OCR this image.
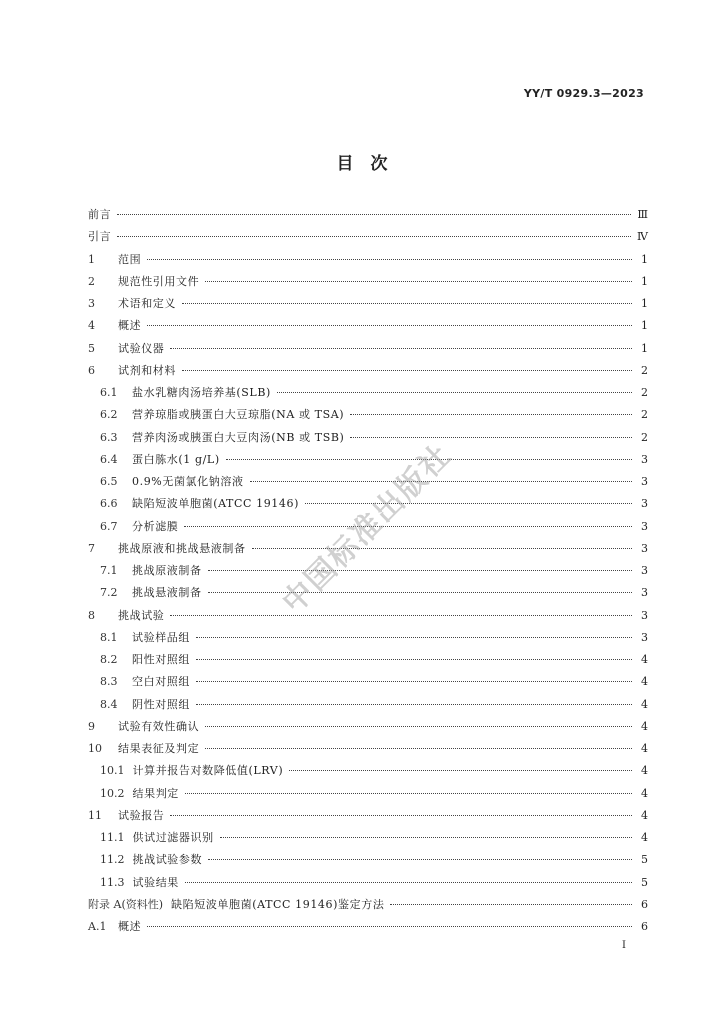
YY/T 0929.3—2023
目　次
前言	Ⅲ
引言	Ⅳ
1	范围	1
2	规范性引用文件	1
3	术语和定义	1
4	概述	1
5	试验仪器	1
6	试剂和材料	2
6.1	盐水乳糖肉汤培养基(SLB)	2
6.2	营养琼脂或胰蛋白大豆琼脂(NA 或 TSA)	2
6.3	营养肉汤或胰蛋白大豆肉汤(NB 或 TSB)	2
6.4	蛋白胨水(1 g/L)	3
6.5	0.9%无菌氯化钠溶液	3
6.6	缺陷短波单胞菌(ATCC 19146)	3
6.7	分析滤膜	3
7	挑战原液和挑战悬液制备	3
7.1	挑战原液制备	3
7.2	挑战悬液制备	3
8	挑战试验	3
8.1	试验样品组	3
8.2	阳性对照组	4
8.3	空白对照组	4
8.4	阴性对照组	4
9	试验有效性确认	4
10	结果表征及判定	4
10.1 计算并报告对数降低值(LRV)	4
10.2 结果判定	4
11	试验报告	4
11.1 供试过滤器识别	4
11.2 挑战试验参数	5
11.3 试验结果	5
附录 A(资料性) 缺陷短波单胞菌(ATCC 19146)鉴定方法	6
A.1	概述	6
中国标准出版社
I
